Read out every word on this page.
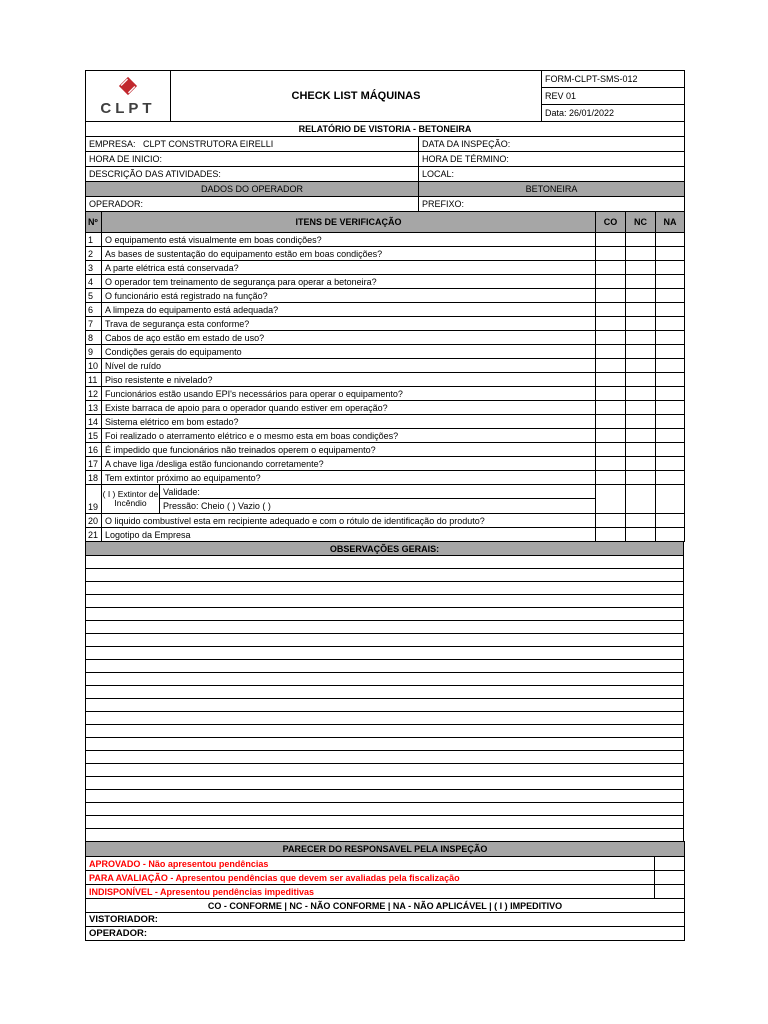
CLPT
	CHECK LIST MÁQUINAS	FORM-CLPT-SMS-012
REV 01
Data: 26/01/2022
RELATÓRIO DE VISTORIA - BETONEIRA	
EMPRESA: CLPT CONSTRUTORA EIRELLI	DATA DA INSPEÇÃO:
HORA DE INICIO:	HORA DE TÉRMINO:
DESCRIÇÃO DAS ATIVIDADES:	LOCAL:
DADOS DO OPERADOR	BETONEIRA
OPERADOR:	PREFIXO:
Nº	ITENS DE VERIFICAÇÃO	CO	NC	NA
1	O equipamento está visualmente em boas condições?			
2	As bases de sustentação do equipamento estão em boas condições?			
3	A parte elétrica está conservada?			
4	O operador tem treinamento de segurança para operar a betoneira?			
5	O funcionário está registrado na função?			
6	A limpeza do equipamento está adequada?			
7	Trava de segurança esta conforme?			
8	Cabos de aço estão em estado de uso?			
9	Condições gerais do equipamento			
10	Nível de ruído			
11	Piso resistente e nivelado?			
12	Funcionários estão usando EPI's necessários para operar o equipamento?			
13	Existe barraca de apoio para o operador quando estiver em operação?			
14	Sistema elétrico em bom estado?			
15	Foi realizado o aterramento elétrico e o mesmo esta em boas condições?			
16	É impedido que funcionários não treinados operem o equipamento?			
17	A chave liga /desliga estão funcionando corretamente?			
18	Tem extintor próximo ao equipamento?			
19	( I ) Extintor de
Incêndio
Validade:
Pressão: Cheio ( ) Vazio ( )			

20	O liquido combustível esta em recipiente adequado e com o rótulo de identificação do produto?			
21	Logotipo da Empresa			
OBSERVAÇÕES GERAIS:

PARECER DO RESPONSAVEL PELA INSPEÇÃO	
APROVADO - Não apresentou pendências	
PARA AVALIAÇÃO - Apresentou pendências que devem ser avaliadas pela fiscalização	
INDISPONÍVEL - Apresentou pendências impeditivas	
CO - CONFORME | NC - NÃO CONFORME | NA - NÃO APLICÁVEL | ( I ) IMPEDITIVO	
VISTORIADOR:	
OPERADOR:	
